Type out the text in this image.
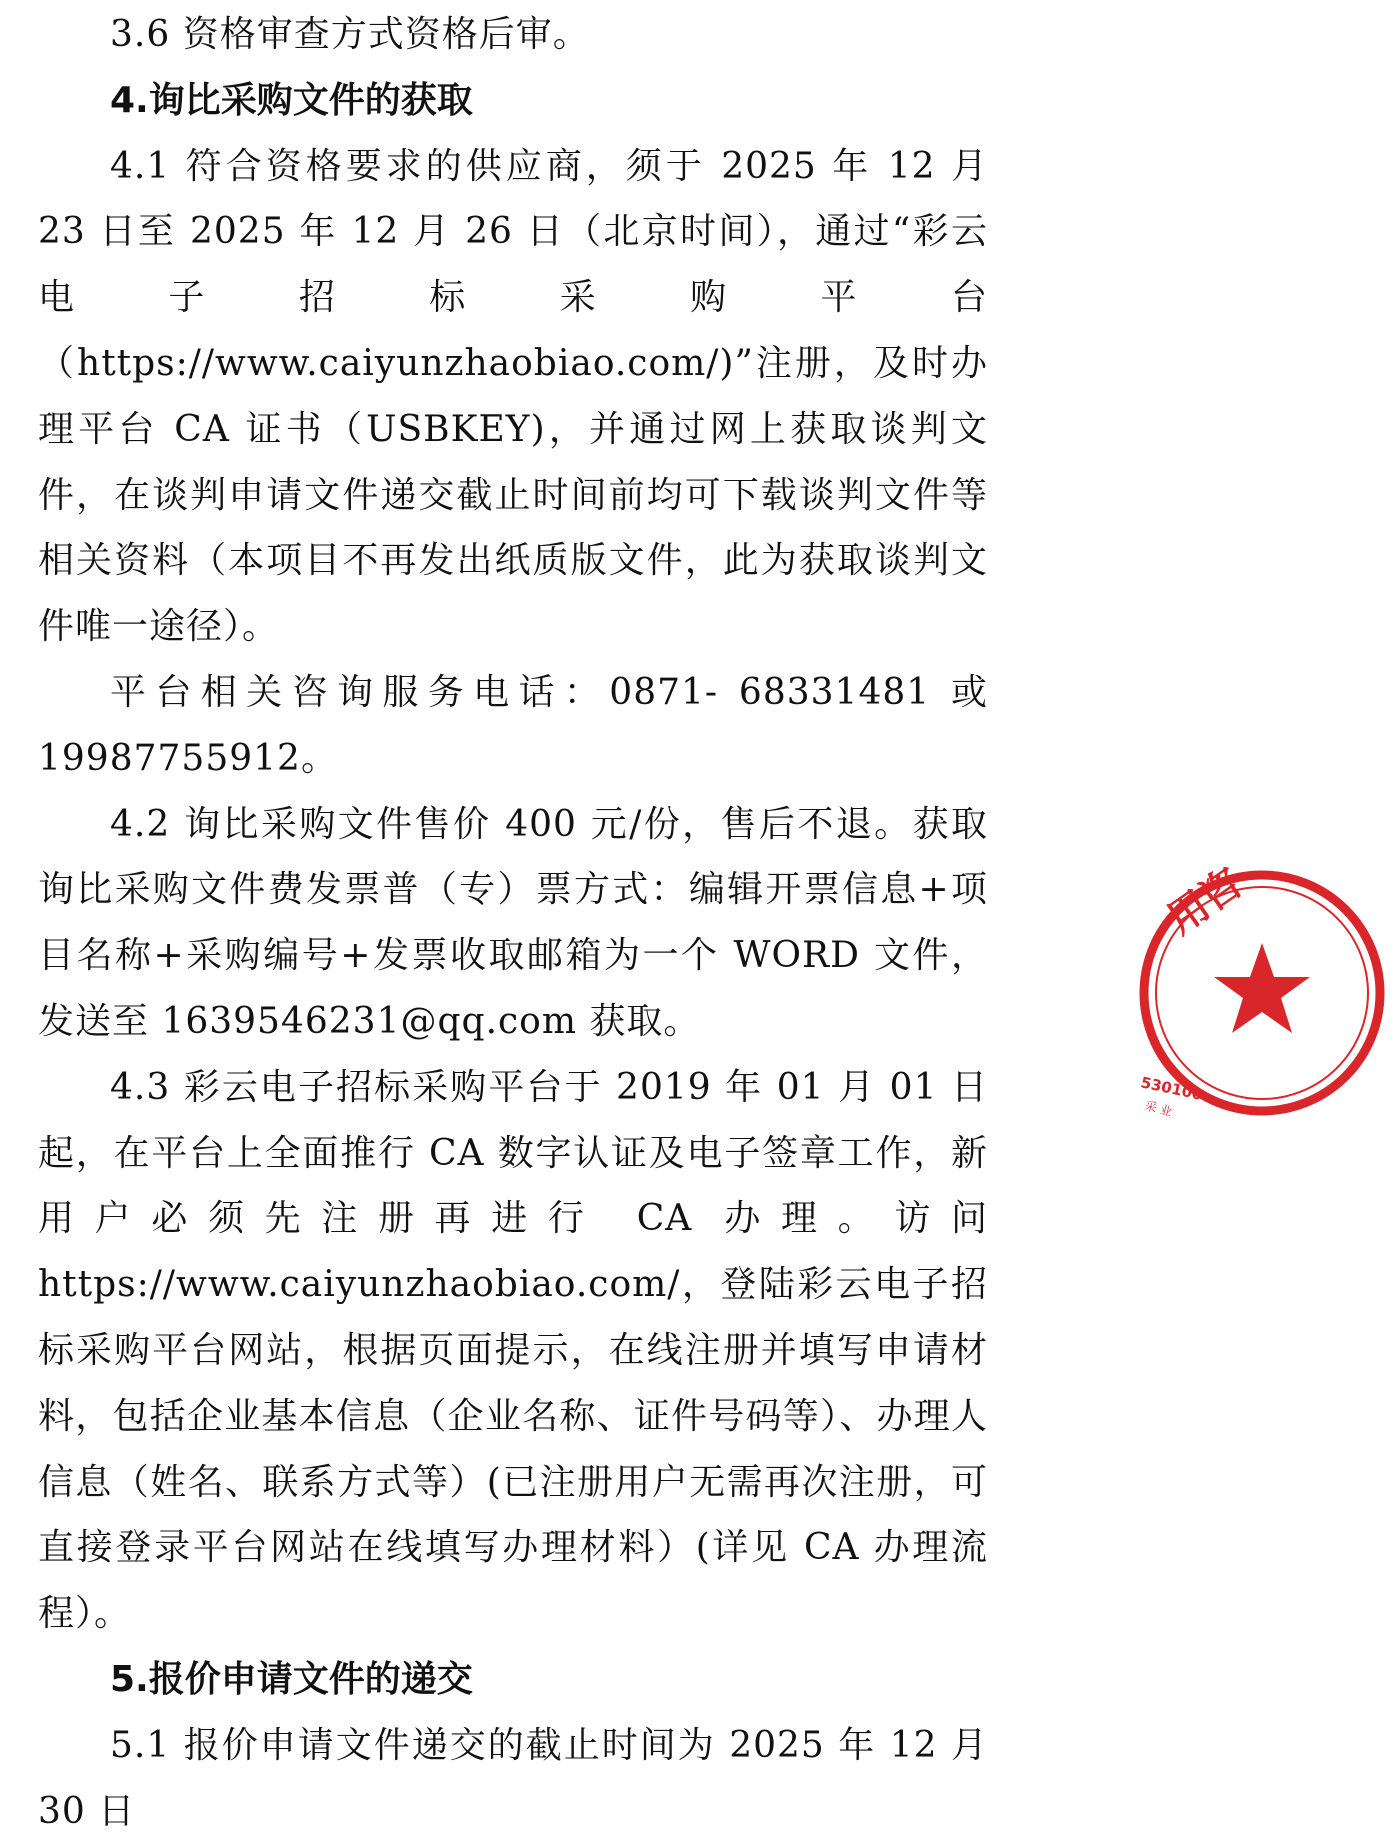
3.6 资格审查方式资格后审。

4.询比采购文件的获取

4.1 符合资格要求的供应商，须于 2025 年 12 月 23 日至 2025 年 12 月 26 日（北京时间），通过“彩云电子招标采购平台（https://www.caiyunzhaobiao.com/)”注册，及时办理平台 CA 证书（USBKEY)，并通过网上获取谈判文件，在谈判申请文件递交截止时间前均可下载谈判文件等相关资料（本项目不再发出纸质版文件，此为获取谈判文件唯一途径）。

平台相关咨询服务电话：0871- 68331481 或

19987755912。

4.2 询比采购文件售价 400 元/份，售后不退。获取询比采购文件费发票普（专）票方式：编辑开票信息+项目名称+采购编号+发票收取邮箱为一个 WORD 文件，发送至 1639546231@qq.com 获取。

4.3 彩云电子招标采购平台于 2019 年 01 月 01 日起，在平台上全面推行 CA 数字认证及电子签章工作，新用户必须先注册再进行 CA 办理。访问 https://www.caiyunzhaobiao.com/，登陆彩云电子招标采购平台网站，根据页面提示，在线注册并填写申请材料，包括企业基本信息（企业名称、证件号码等）、办理人信息（姓名、联系方式等）(已注册用户无需再次注册，可直接登录平台网站在线填写办理材料）(详见 CA 办理流程）。

5.报价申请文件的递交

5.1 报价申请文件递交的截止时间为 2025 年 12 月 30 日

用咨
530100
采 业
